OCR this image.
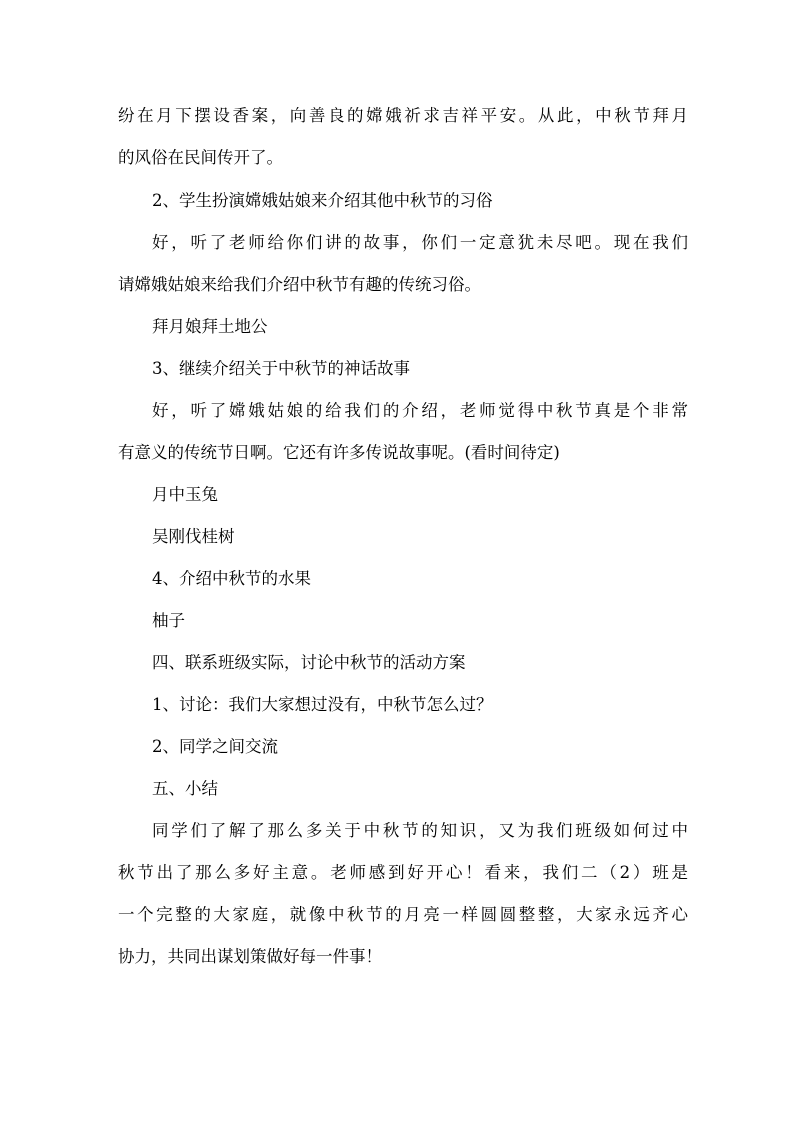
纷在月下摆设香案，向善良的嫦娥祈求吉祥平安。从此，中秋节拜月

的风俗在民间传开了。

2、学生扮演嫦娥姑娘来介绍其他中秋节的习俗

好，听了老师给你们讲的故事，你们一定意犹未尽吧。现在我们

请嫦娥姑娘来给我们介绍中秋节有趣的传统习俗。

拜月娘拜土地公

3、继续介绍关于中秋节的神话故事

好，听了嫦娥姑娘的给我们的介绍，老师觉得中秋节真是个非常

有意义的传统节日啊。它还有许多传说故事呢。(看时间待定)

月中玉兔

吴刚伐桂树

4、介绍中秋节的水果

柚子

四、联系班级实际，讨论中秋节的活动方案

1、讨论：我们大家想过没有，中秋节怎么过？

2、同学之间交流

五、小结

同学们了解了那么多关于中秋节的知识，又为我们班级如何过中

秋节出了那么多好主意。老师感到好开心！看来，我们二（2）班是

一个完整的大家庭，就像中秋节的月亮一样圆圆整整，大家永远齐心

协力，共同出谋划策做好每一件事！
